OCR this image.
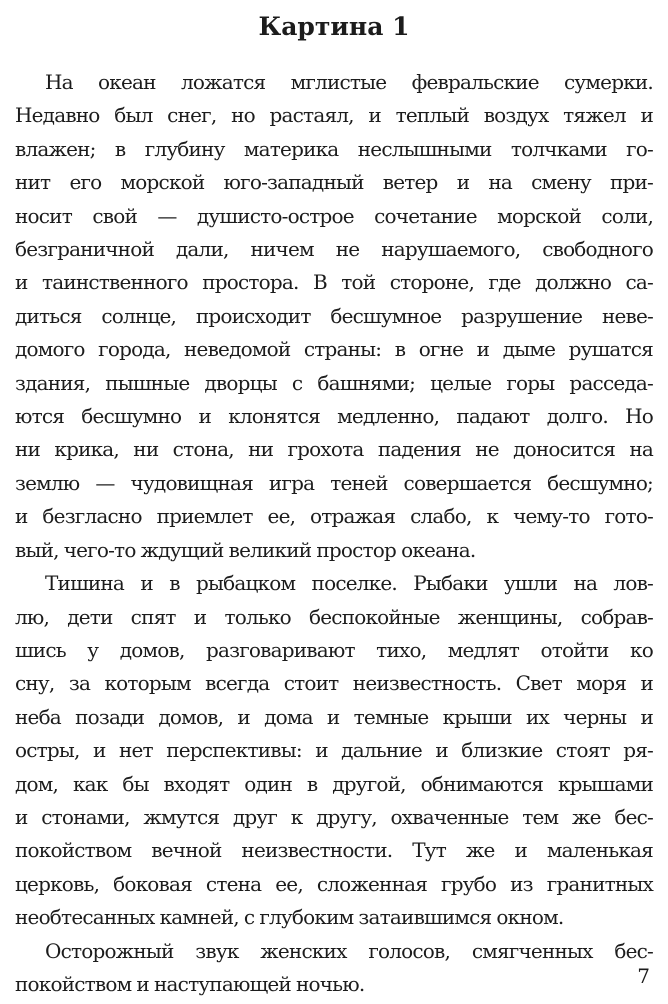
Картина 1
На океан ложатся мглистые февральские сумерки.
Недавно был снег, но растаял, и теплый воздух тяжел и
влажен; в глубину материка неслышными толчками го-
нит его морской юго-западный ветер и на смену при-
носит свой — душисто-острое сочетание морской соли,
безграничной дали, ничем не нарушаемого, свободного
и таинственного простора. В той стороне, где должно са-
диться солнце, происходит бесшумное разрушение неве-
домого города, неведомой страны: в огне и дыме рушатся
здания, пышные дворцы с башнями; целые горы расседа-
ются бесшумно и клонятся медленно, падают долго. Но
ни крика, ни стона, ни грохота падения не доносится на
землю — чудовищная игра теней совершается бесшумно;
и безгласно приемлет ее, отражая слабо, к чему-то гото-
вый, чего-то ждущий великий простор океана.
Тишина и в рыбацком поселке. Рыбаки ушли на лов-
лю, дети спят и только беспокойные женщины, собрав-
шись у домов, разговаривают тихо, медлят отойти ко
сну, за которым всегда стоит неизвестность. Свет моря и
неба позади домов, и дома и темные крыши их черны и
остры, и нет перспективы: и дальние и близкие стоят ря-
дом, как бы входят один в другой, обнимаются крышами
и стонами, жмутся друг к другу, охваченные тем же бес-
покойством вечной неизвестности. Тут же и маленькая
церковь, боковая стена ее, сложенная грубо из гранитных
необтесанных камней, с глубоким затаившимся окном.
Осторожный звук женских голосов, смягченных бес-
покойством и наступающей ночью.	7
